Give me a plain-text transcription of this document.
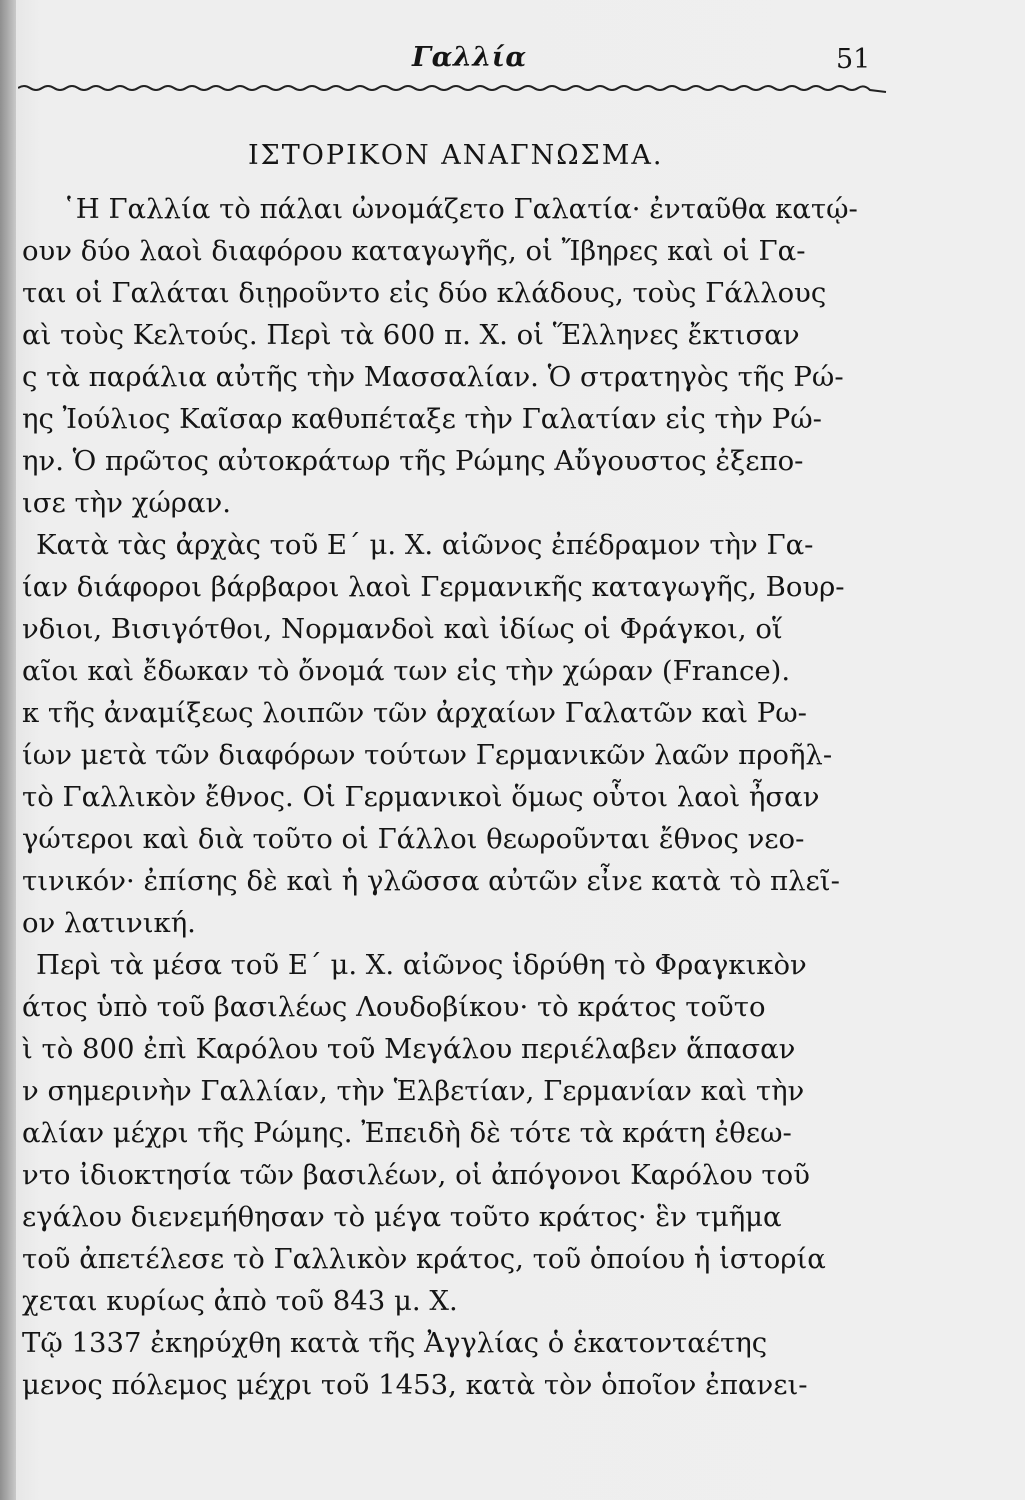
Γαλλία	51
ΙΣΤΟΡΙΚΟΝ ΑΝΑΓΝΩΣΜΑ.
῾Η Γαλλία τὸ πάλαι ὠνομάζετο Γαλατία· ἐνταῦθα κατῴ-
ουν δύο λαοὶ διαφόρου καταγωγῆς, οἱ Ἴβηρες καὶ οἱ Γα-
ται οἱ Γαλάται διῃροῦντο εἰς δύο κλάδους, τοὺς Γάλλους
αὶ τοὺς Κελτούς. Περὶ τὰ 600 π. Χ. οἱ Ἕλληνες ἔκτισαν
ς τὰ παράλια αὐτῆς τὴν Μασσαλίαν. Ὁ στρατηγὸς τῆς Ρώ-
ης Ἰούλιος Καῖσαρ καθυπέταξε τὴν Γαλατίαν εἰς τὴν Ρώ-
ην. Ὁ πρῶτος αὐτοκράτωρ τῆς Ρώμης Αὔγουστος ἐξεπο-
ισε τὴν χώραν.
Κατὰ τὰς ἀρχὰς τοῦ Ε΄ μ. Χ. αἰῶνος ἐπέδραμον τὴν Γα-
ίαν διάφοροι βάρβαροι λαοὶ Γερμανικῆς καταγωγῆς, Βουρ-
νδιοι, Βισιγότθοι, Νορμανδοὶ καὶ ἰδίως οἱ Φράγκοι, οἵ
αῖοι καὶ ἔδωκαν τὸ ὄνομά των εἰς τὴν χώραν (France).
κ τῆς ἀναμίξεως λοιπῶν τῶν ἀρχαίων Γαλατῶν καὶ Ρω-
ίων μετὰ τῶν διαφόρων τούτων Γερμανικῶν λαῶν προῆλ-
τὸ Γαλλικὸν ἔθνος. Οἱ Γερμανικοὶ ὅμως οὗτοι λαοὶ ἦσαν
γώτεροι καὶ διὰ τοῦτο οἱ Γάλλοι θεωροῦνται ἔθνος νεο-
τινικόν· ἐπίσης δὲ καὶ ἡ γλῶσσα αὐτῶν εἶνε κατὰ τὸ πλεῖ-
ον λατινική.
Περὶ τὰ μέσα τοῦ Ε΄ μ. Χ. αἰῶνος ἱδρύθη τὸ Φραγκικὸν
άτος ὑπὸ τοῦ βασιλέως Λουδοβίκου· τὸ κράτος τοῦτο
ὶ τὸ 800 ἐπὶ Καρόλου τοῦ Μεγάλου περιέλαβεν ἅπασαν
ν σημερινὴν Γαλλίαν, τὴν Ἑλβετίαν, Γερμανίαν καὶ τὴν
αλίαν μέχρι τῆς Ρώμης. Ἐπειδὴ δὲ τότε τὰ κράτη ἐθεω-
ντο ἰδιοκτησία τῶν βασιλέων, οἱ ἀπόγονοι Καρόλου τοῦ
εγάλου διενεμήθησαν τὸ μέγα τοῦτο κράτος· ἓν τμῆμα
τοῦ ἀπετέλεσε τὸ Γαλλικὸν κράτος, τοῦ ὁποίου ἡ ἱστορία
χεται κυρίως ἀπὸ τοῦ 843 μ. Χ.
Τῷ 1337 ἐκηρύχθη κατὰ τῆς Ἀγγλίας ὁ ἑκατονταέτης
μενος πόλεμος μέχρι τοῦ 1453, κατὰ τὸν ὁποῖον ἐπανει-
